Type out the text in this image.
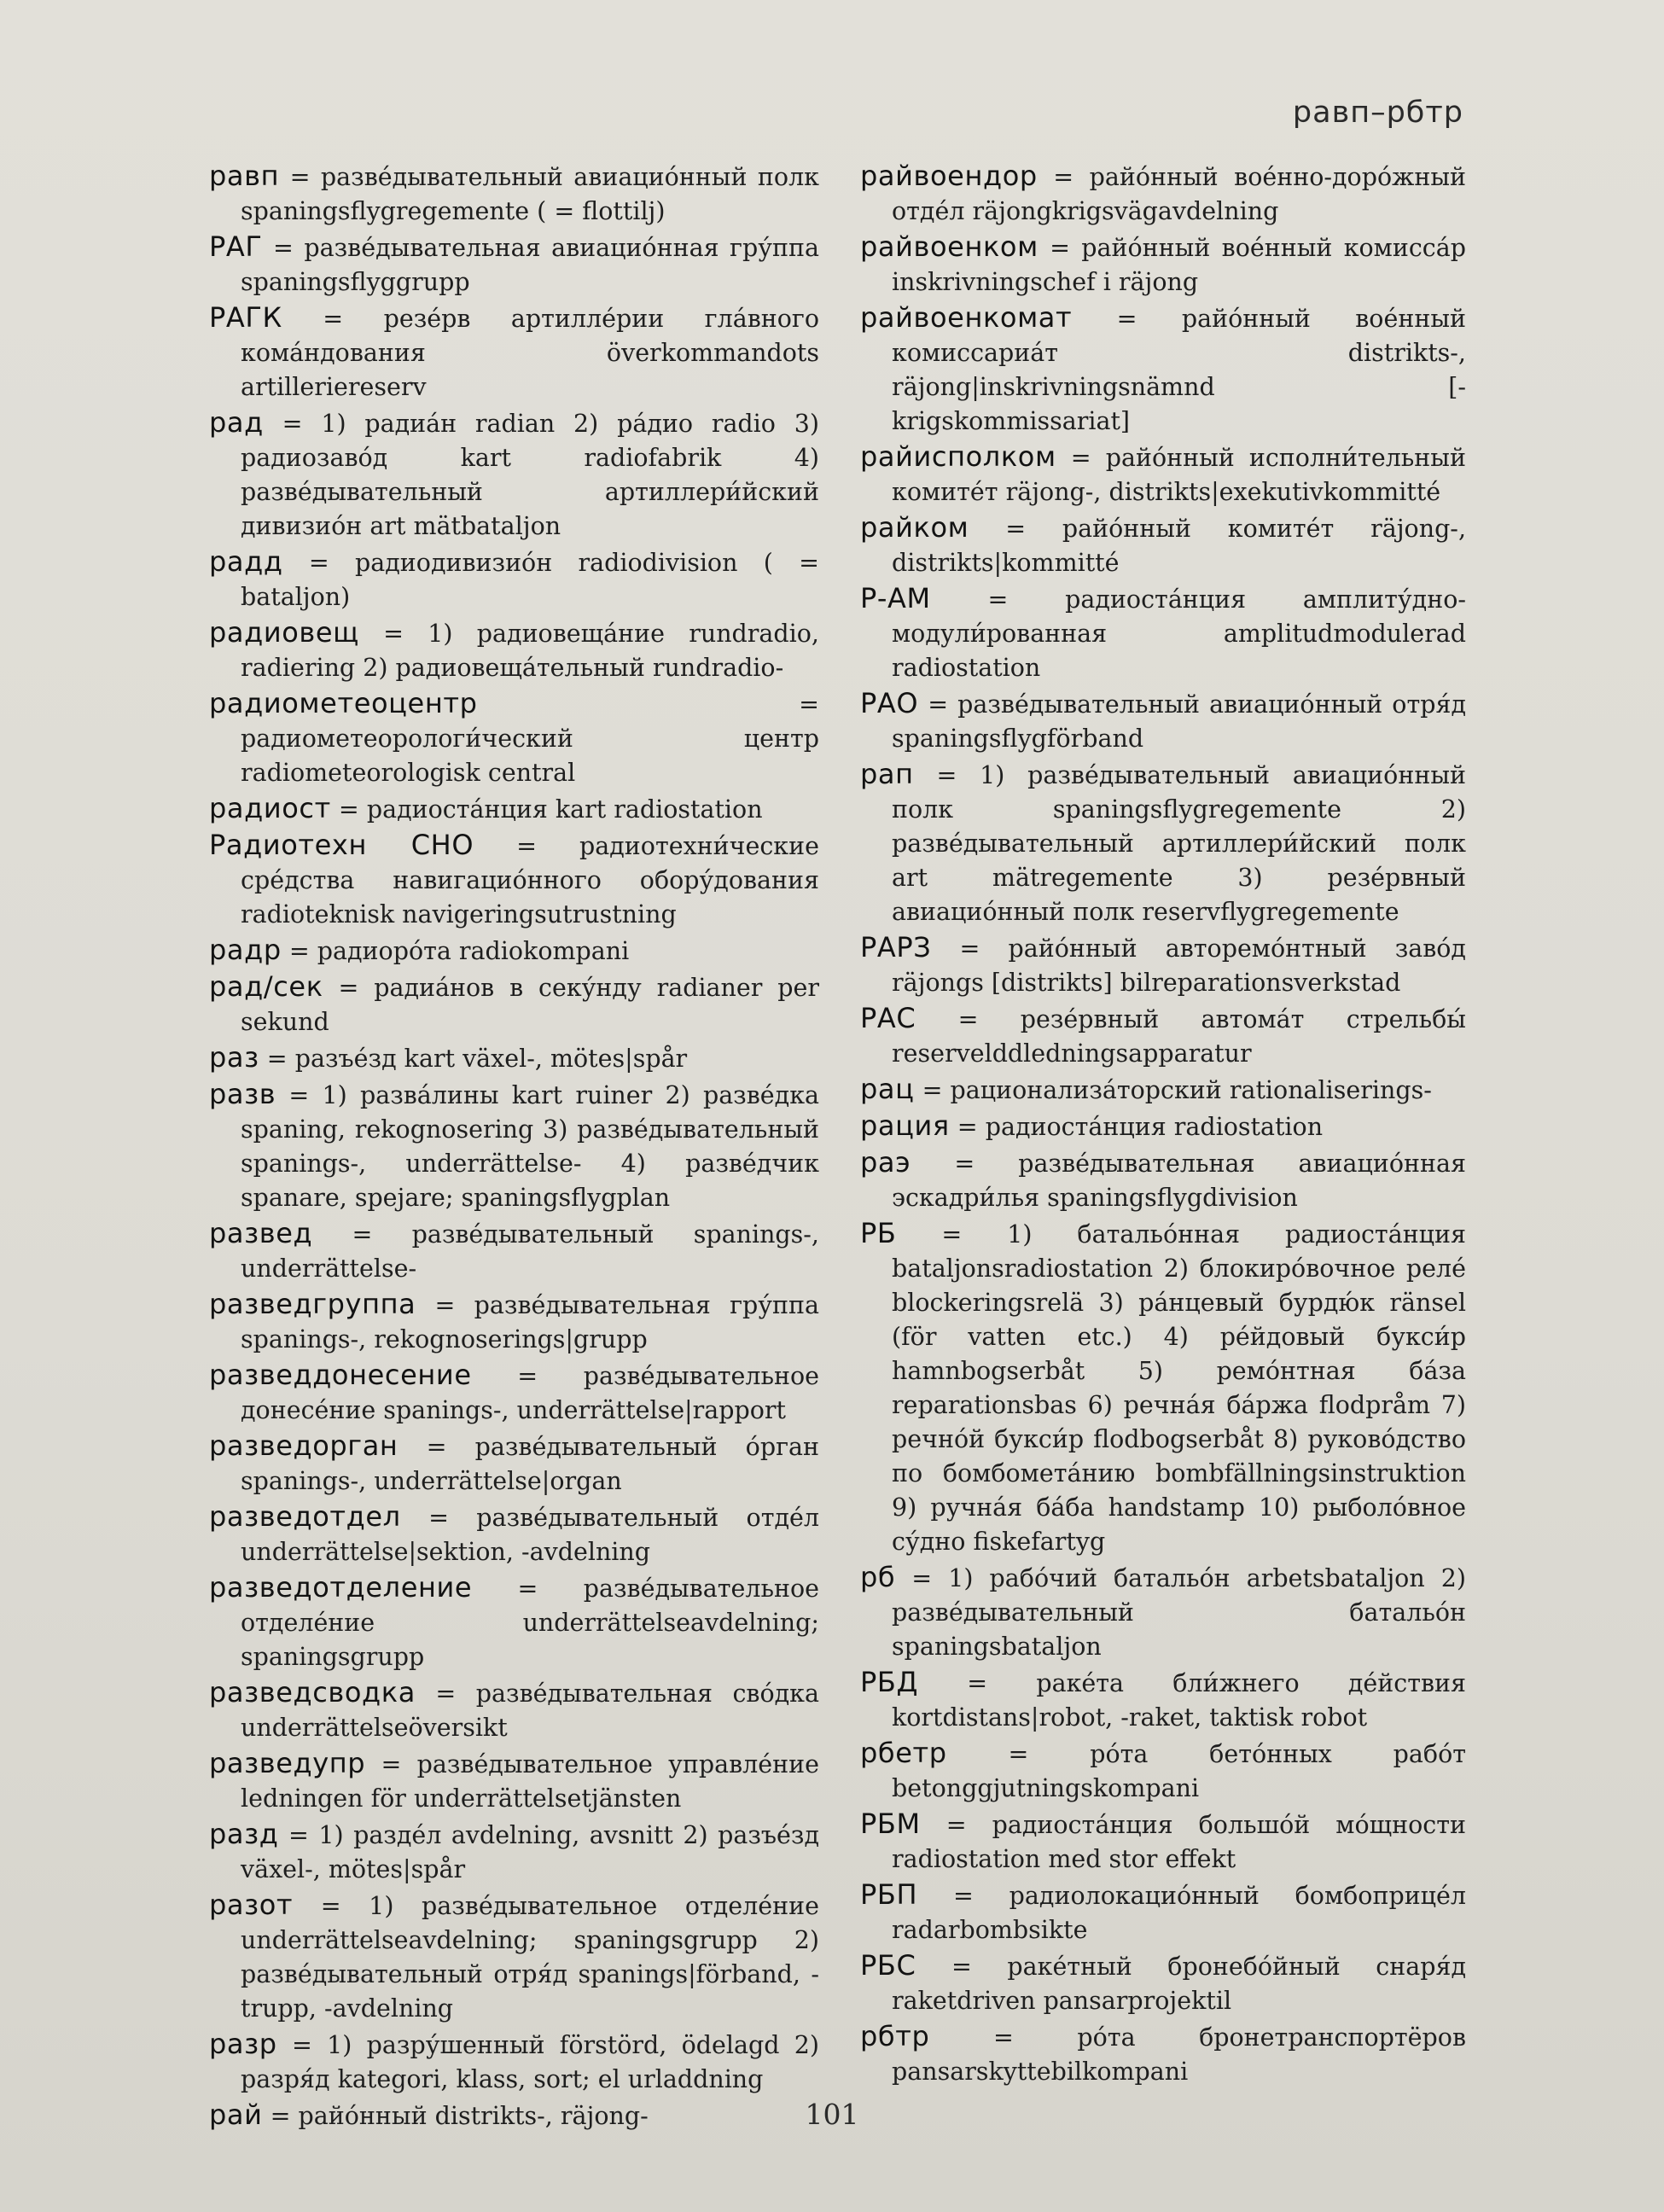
равп–рбтр

равп = разве́дывательный авиацио́нный полк spaningsflygregemente ( = flottilj)

РАГ = разве́дывательная авиацио́нная гру́ппа spaningsflyggrupp

РАГК = резе́рв артилле́рии гла́вного кома́ндования överkommandots artilleriereserv

рад = 1) радиа́н radian 2) ра́дио radio 3) радиозаво́д kart radiofabrik 4) разве́дывательный артиллери́йский дивизио́н art mätbataljon

радд = радиодивизио́н radiodivision ( = bataljon)

радиовещ = 1) радиовеща́ние rundradio, radiering 2) радиовеща́тельный rundradio-

радиометеоцентр = радиометеорологи́ческий центр radiometeorologisk central

радиост = радиоста́нция kart radiostation

Радиотехн СНО = радиотехни́ческие сре́дства навигацио́нного обору́дования radioteknisk navigeringsutrustning

радр = радиоро́та radiokompani

рад/сек = радиа́нов в секу́нду radianer per sekund

раз = разъе́зд kart växel-, mötes|spår

разв = 1) разва́лины kart ruiner 2) разве́дка spaning, rekognosering 3) разве́дывательный spanings-, underrättelse- 4) разве́дчик spanare, spejare; spaningsflygplan

развед = разве́дывательный spanings-, underrättelse-

разведгруппа = разве́дывательная гру́ппа spanings-, rekognoserings|grupp

разведдонесение = разве́дывательное донесе́ние spanings-, underrättelse|rapport

разведорган = разве́дывательный о́рган spanings-, underrättelse|organ

разведотдел = разве́дывательный отде́л underrättelse|sektion, -avdelning

разведотделение = разве́дывательное отделе́ние underrättelseavdelning; spaningsgrupp

разведсводка = разве́дывательная сво́дка underrättelseöversikt

разведупр = разве́дывательное управле́ние ledningen för underrättelsetjänsten

разд = 1) разде́л avdelning, avsnitt 2) разъе́зд växel-, mötes|spår

разот = 1) разве́дывательное отделе́ние underrättelseavdelning; spaningsgrupp 2) разве́дывательный отря́д spanings|förband, -trupp, -avdelning

разр = 1) разру́шенный förstörd, ödelagd 2) разря́д kategori, klass, sort; el urladdning

рай = райо́нный distrikts-, räjong-

райвоендор = райо́нный вое́нно-доро́жный отде́л räjongkrigsvägavdelning

райвоенком = райо́нный вое́нный комисса́р inskrivningschef i räjong

райвоенкомат = райо́нный вое́нный комиссариа́т distrikts-, räjong|inskrivningsnämnd [-krigskommissariat]

райисполком = райо́нный исполни́тельный комите́т räjong-, distrikts|exekutivkommitté

райком = райо́нный комите́т räjong-, distrikts|kommitté

Р-АМ = радиоста́нция амплиту́дно-модули́рованная amplitudmodulerad radiostation

РАО = разве́дывательный авиацио́нный отря́д spaningsflygförband

рап = 1) разве́дывательный авиацио́нный полк spaningsflygregemente 2) разве́дывательный артиллери́йский полк art mätregemente 3) резе́рвный авиацио́нный полк reservflygregemente

РАРЗ = райо́нный авторемо́нтный заво́д räjongs [distrikts] bilreparationsverkstad

РАС = резе́рвный автома́т стрельбы́ reservelddledningsapparatur

рац = рационализа́торский rationaliserings-

рация = радиоста́нция radiostation

раэ = разве́дывательная авиацио́нная эскадри́лья spaningsflygdivision

РБ = 1) батальо́нная радиоста́нция bataljonsradiostation 2) блокиро́вочное реле́ blockeringsrelä 3) ра́нцевый бурдю́к ränsel (för vatten etc.) 4) ре́йдовый букси́р hamnbogserbåt 5) ремо́нтная ба́за reparationsbas 6) речна́я ба́ржа flodpråm 7) речно́й букси́р flodbogserbåt 8) руково́дство по бомбомета́нию bombfällningsinstruktion 9) ручна́я ба́ба handstamp 10) рыболо́вное су́дно fiskefartyg

рб = 1) рабо́чий батальо́н arbetsbataljon 2) разве́дывательный батальо́н spaningsbataljon

РБД = раке́та бли́жнего де́йствия kortdistans|robot, -raket, taktisk robot

рбетр = ро́та бето́нных рабо́т betonggjutningskompani

РБМ = радиоста́нция большо́й мо́щности radiostation med stor effekt

РБП = радиолокацио́нный бомбоприце́л radarbombsikte

РБС = раке́тный бронебо́йный снаря́д raketdriven pansarprojektil

рбтр = ро́та бронетранспортёров pansarskyttebilkompani

101
